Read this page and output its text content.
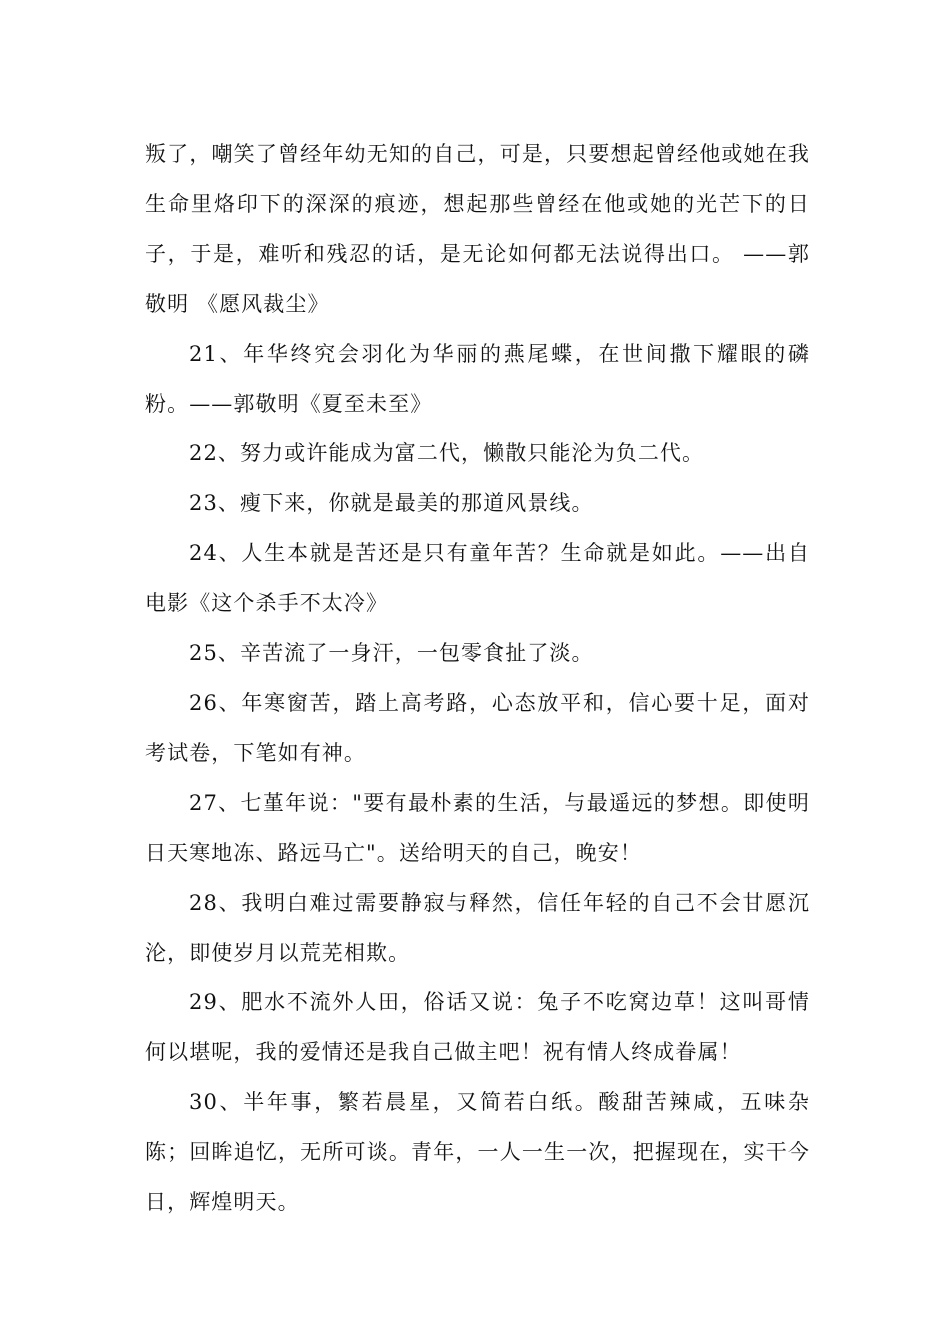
叛了，嘲笑了曾经年幼无知的自己，可是，只要想起曾经他或她在我生命里烙印下的深深的痕迹，想起那些曾经在他或她的光芒下的日子，于是，难听和残忍的话，是无论如何都无法说得出口。 ——郭敬明 《愿风裁尘》

21、年华终究会羽化为华丽的燕尾蝶，在世间撒下耀眼的磷粉。——郭敬明《夏至未至》

22、努力或许能成为富二代，懒散只能沦为负二代。

23、瘦下来，你就是最美的那道风景线。

24、人生本就是苦还是只有童年苦？生命就是如此。——出自电影《这个杀手不太冷》

25、辛苦流了一身汗，一包零食扯了淡。

26、年寒窗苦，踏上高考路，心态放平和，信心要十足，面对考试卷，下笔如有神。

27、七堇年说："要有最朴素的生活，与最遥远的梦想。即使明日天寒地冻、路远马亡"。送给明天的自己，晚安！

28、我明白难过需要静寂与释然，信任年轻的自己不会甘愿沉沦，即使岁月以荒芜相欺。

29、肥水不流外人田，俗话又说：兔子不吃窝边草！这叫哥情何以堪呢，我的爱情还是我自己做主吧！祝有情人终成眷属！

30、半年事，繁若晨星，又简若白纸。酸甜苦辣咸，五味杂陈；回眸追忆，无所可谈。青年，一人一生一次，把握现在，实干今日，辉煌明天。
